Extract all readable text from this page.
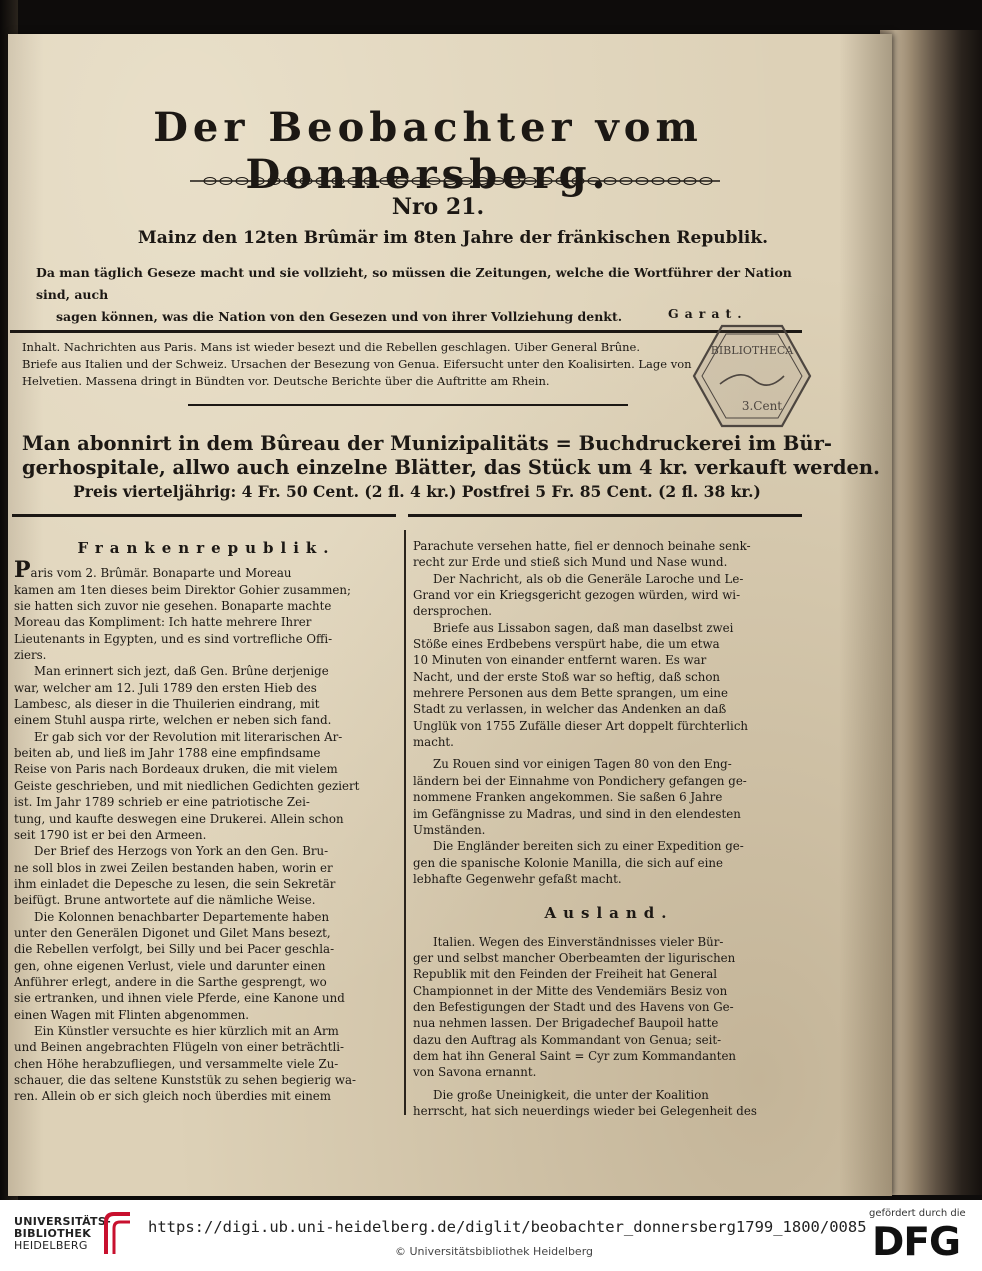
Der Beobachter vom Donnersberg.
Nro 21.
Mainz den 12ten Brûmär im 8ten Jahre der fränkischen Republik.
Da man täglich Geseze macht und sie vollzieht, so müssen die Zeitungen, welche die Wortführer der Nation sind, auch
sagen können, was die Nation von den Gesezen und von ihrer Vollziehung denkt.	Garat.
Inhalt. Nachrichten aus Paris. Mans ist wieder besezt und die Rebellen geschlagen. Uiber General Brûne.
Briefe aus Italien und der Schweiz. Ursachen der Besezung von Genua. Eifersucht unter den Koalisirten. Lage von
Helvetien. Massena dringt in Bündten vor. Deutsche Berichte über die Auftritte am Rhein.
BIBLIOTHECA
3.Cent
Man abonnirt in dem Bûreau der Munizipalitäts = Buchdruckerei im Bür-
gerhospitale, allwo auch einzelne Blätter, das Stück um 4 kr. verkauft werden.
Preis vierteljährig: 4 Fr. 50 Cent. (2 fl. 4 kr.) Postfrei 5 Fr. 85 Cent. (2 fl. 38 kr.)
Frankenrepublik.
Paris vom 2. Brûmär. Bonaparte und Moreau
kamen am 1ten dieses beim Direktor Gohier zusammen;
sie hatten sich zuvor nie gesehen. Bonaparte machte
Moreau das Kompliment: Ich hatte mehrere Ihrer
Lieutenants in Egypten, und es sind vortrefliche Offi-
ziers.
Man erinnert sich jezt, daß Gen. Brûne derjenige
war, welcher am 12. Juli 1789 den ersten Hieb des
Lambesc, als dieser in die Thuilerien eindrang, mit
einem Stuhl auspa rirte, welchen er neben sich fand.
Er gab sich vor der Revolution mit literarischen Ar-
beiten ab, und ließ im Jahr 1788 eine empfindsame
Reise von Paris nach Bordeaux druken, die mit vielem
Geiste geschrieben, und mit niedlichen Gedichten geziert
ist. Im Jahr 1789 schrieb er eine patriotische Zei-
tung, und kaufte deswegen eine Drukerei. Allein schon
seit 1790 ist er bei den Armeen.
Der Brief des Herzogs von York an den Gen. Bru-
ne soll blos in zwei Zeilen bestanden haben, worin er
ihm einladet die Depesche zu lesen, die sein Sekretär
beifügt. Brune antwortete auf die nämliche Weise.
Die Kolonnen benachbarter Departemente haben
unter den Generälen Digonet und Gilet Mans besezt,
die Rebellen verfolgt, bei Silly und bei Pacer geschla-
gen, ohne eigenen Verlust, viele und darunter einen
Anführer erlegt, andere in die Sarthe gesprengt, wo
sie ertranken, und ihnen viele Pferde, eine Kanone und
einen Wagen mit Flinten abgenommen.
Ein Künstler versuchte es hier kürzlich mit an Arm
und Beinen angebrachten Flügeln von einer beträchtli-
chen Höhe herabzufliegen, und versammelte viele Zu-
schauer, die das seltene Kunststük zu sehen begierig wa-
ren. Allein ob er sich gleich noch überdies mit einem
Parachute versehen hatte, fiel er dennoch beinahe senk-
recht zur Erde und stieß sich Mund und Nase wund.
Der Nachricht, als ob die Generäle Laroche und Le-
Grand vor ein Kriegsgericht gezogen würden, wird wi-
dersprochen.
Briefe aus Lissabon sagen, daß man daselbst zwei
Stöße eines Erdbebens verspürt habe, die um etwa
10 Minuten von einander entfernt waren. Es war
Nacht, und der erste Stoß war so heftig, daß schon
mehrere Personen aus dem Bette sprangen, um eine
Stadt zu verlassen, in welcher das Andenken an daß
Unglük von 1755 Zufälle dieser Art doppelt fürchterlich
macht.
Zu Rouen sind vor einigen Tagen 80 von den Eng-
ländern bei der Einnahme von Pondichery gefangen ge-
nommene Franken angekommen. Sie saßen 6 Jahre
im Gefängnisse zu Madras, und sind in den elendesten
Umständen.
Die Engländer bereiten sich zu einer Expedition ge-
gen die spanische Kolonie Manilla, die sich auf eine
lebhafte Gegenwehr gefaßt macht.
Ausland.
Italien. Wegen des Einverständnisses vieler Bür-
ger und selbst mancher Oberbeamten der ligurischen
Republik mit den Feinden der Freiheit hat General
Championnet in der Mitte des Vendemiärs Besiz von
den Befestigungen der Stadt und des Havens von Ge-
nua nehmen lassen. Der Brigadechef Baupoil hatte
dazu den Auftrag als Kommandant von Genua; seit-
dem hat ihn General Saint = Cyr zum Kommandanten
von Savona ernannt.
Die große Uneinigkeit, die unter der Koalition
herrscht, hat sich neuerdings wieder bei Gelegenheit des
UNIVERSITÄTS-
BIBLIOTHEK
HEIDELBERG
https://digi.ub.uni-heidelberg.de/diglit/beobachter_donnersberg1799_1800/0085
© Universitätsbibliothek Heidelberg
gefördert durch die
DFG
